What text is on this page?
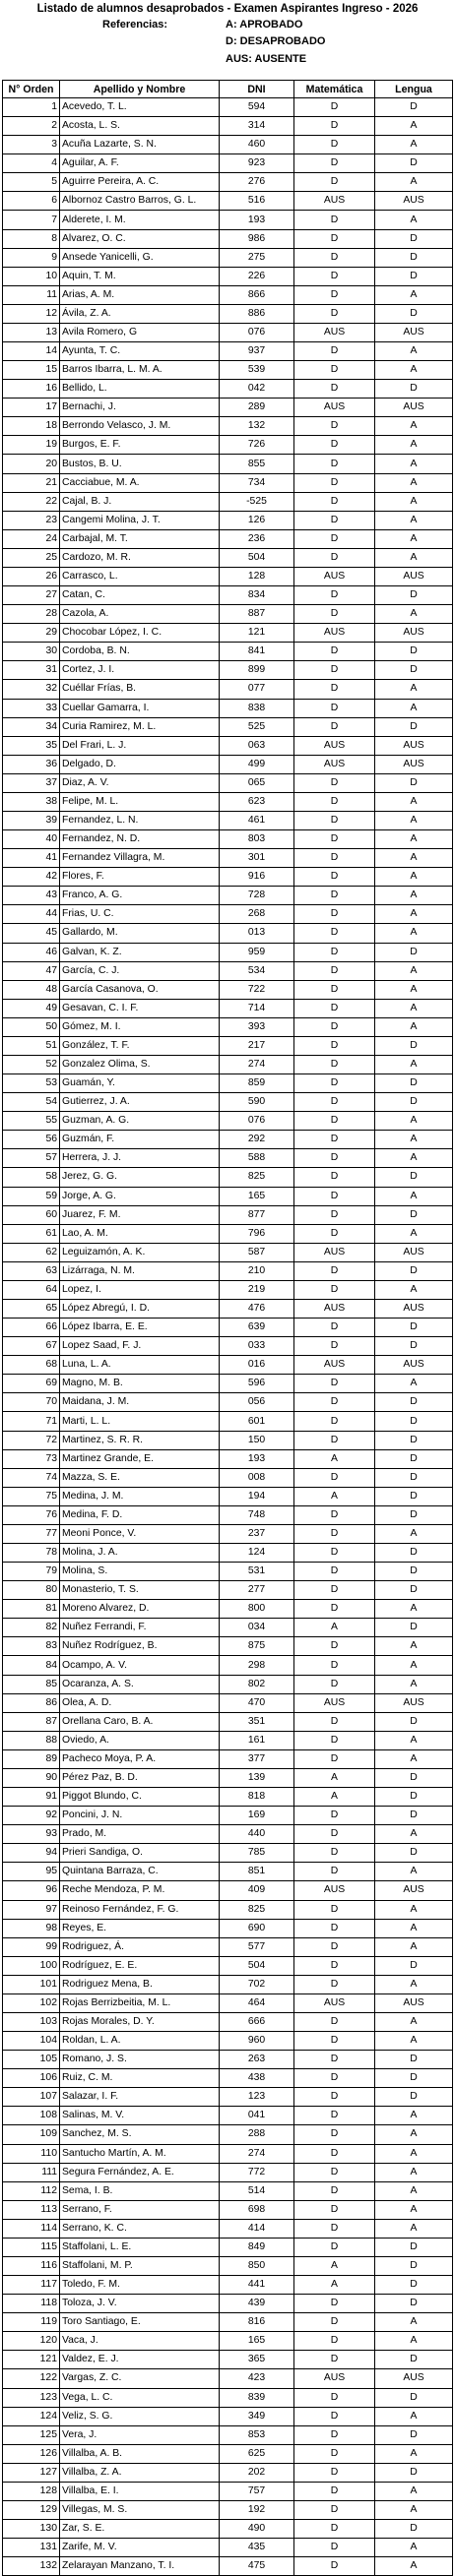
Listado de alumnos desaprobados - Examen Aspirantes Ingreso - 2026
Referencias:	A: APROBADO
D: DESAPROBADO
AUS: AUSENTE
N° Orden	Apellido y Nombre	DNI	Matemática	Lengua
1	Acevedo, T. L.	594	D	D
2	Acosta, L. S.	314	D	A
3	Acuña Lazarte, S. N.	460	D	A
4	Aguilar, A. F.	923	D	D
5	Aguirre Pereira, A. C.	276	D	A
6	Albornoz Castro Barros, G. L.	516	AUS	AUS
7	Alderete, I. M.	193	D	A
8	Alvarez, O. C.	986	D	D
9	Ansede Yanicelli, G.	275	D	D
10	Aquin, T. M.	226	D	D
11	Arias, A. M.	866	D	A
12	Ávila, Z. A.	886	D	D
13	Avila Romero, G	076	AUS	AUS
14	Ayunta, T. C.	937	D	A
15	Barros Ibarra, L. M. A.	539	D	A
16	Bellido, L.	042	D	D
17	Bernachi, J.	289	AUS	AUS
18	Berrondo Velasco, J. M.	132	D	A
19	Burgos, E. F.	726	D	A
20	Bustos, B. U.	855	D	A
21	Cacciabue, M. A.	734	D	A
22	Cajal, B. J.	-525	D	A
23	Cangemi Molina, J. T.	126	D	A
24	Carbajal, M. T.	236	D	A
25	Cardozo, M. R.	504	D	A
26	Carrasco, L.	128	AUS	AUS
27	Catan, C.	834	D	D
28	Cazola, A.	887	D	A
29	Chocobar López, I. C.	121	AUS	AUS
30	Cordoba, B. N.	841	D	D
31	Cortez, J. I.	899	D	D
32	Cuéllar Frías, B.	077	D	A
33	Cuellar Gamarra, I.	838	D	A
34	Curia Ramirez, M. L.	525	D	D
35	Del Frari, L. J.	063	AUS	AUS
36	Delgado, D.	499	AUS	AUS
37	Diaz, A. V.	065	D	D
38	Felipe, M. L.	623	D	A
39	Fernandez, L. N.	461	D	A
40	Fernandez, N. D.	803	D	A
41	Fernandez Villagra, M.	301	D	A
42	Flores, F.	916	D	A
43	Franco, A. G.	728	D	A
44	Frias, U. C.	268	D	A
45	Gallardo, M.	013	D	A
46	Galvan, K. Z.	959	D	D
47	García, C. J.	534	D	A
48	García Casanova, O.	722	D	A
49	Gesavan, C. I. F.	714	D	A
50	Gómez, M. I.	393	D	A
51	González, T. F.	217	D	D
52	Gonzalez Olima, S.	274	D	A
53	Guamán, Y.	859	D	D
54	Gutierrez, J. A.	590	D	D
55	Guzman, A. G.	076	D	A
56	Guzmán, F.	292	D	A
57	Herrera, J. J.	588	D	A
58	Jerez, G. G.	825	D	D
59	Jorge, A. G.	165	D	A
60	Juarez, F. M.	877	D	D
61	Lao, A. M.	796	D	A
62	Leguizamón, A. K.	587	AUS	AUS
63	Lizárraga, N. M.	210	D	D
64	Lopez, I.	219	D	A
65	López Abregú, I. D.	476	AUS	AUS
66	López Ibarra, E. E.	639	D	D
67	Lopez Saad, F. J.	033	D	D
68	Luna, L. A.	016	AUS	AUS
69	Magno, M. B.	596	D	A
70	Maidana, J. M.	056	D	D
71	Marti, L. L.	601	D	D
72	Martinez, S. R. R.	150	D	D
73	Martinez Grande, E.	193	A	D
74	Mazza, S. E.	008	D	D
75	Medina, J. M.	194	A	D
76	Medina, F. D.	748	D	D
77	Meoni Ponce, V.	237	D	A
78	Molina, J. A.	124	D	D
79	Molina, S.	531	D	D
80	Monasterio, T. S.	277	D	D
81	Moreno Alvarez, D.	800	D	A
82	Nuñez Ferrandi, F.	034	A	D
83	Nuñez Rodríguez, B.	875	D	A
84	Ocampo, A. V.	298	D	A
85	Ocaranza, A. S.	802	D	A
86	Olea, A. D.	470	AUS	AUS
87	Orellana Caro, B. A.	351	D	D
88	Oviedo, A.	161	D	A
89	Pacheco Moya, P. A.	377	D	A
90	Pérez Paz, B. D.	139	A	D
91	Piggot Blundo, C.	818	A	D
92	Poncini, J. N.	169	D	D
93	Prado, M.	440	D	A
94	Prieri Sandiga, O.	785	D	D
95	Quintana Barraza, C.	851	D	A
96	Reche Mendoza, P. M.	409	AUS	AUS
97	Reinoso Fernández, F. G.	825	D	A
98	Reyes, E.	690	D	A
99	Rodriguez, Á.	577	D	A
100	Rodríguez, E. E.	504	D	D
101	Rodriguez Mena, B.	702	D	A
102	Rojas Berrizbeitia, M. L.	464	AUS	AUS
103	Rojas Morales, D. Y.	666	D	A
104	Roldan, L. A.	960	D	A
105	Romano, J. S.	263	D	D
106	Ruiz, C. M.	438	D	D
107	Salazar, I. F.	123	D	D
108	Salinas, M. V.	041	D	A
109	Sanchez, M. S.	288	D	A
110	Santucho Martín, A. M.	274	D	A
111	Segura Fernández, A. E.	772	D	A
112	Sema, I. B.	514	D	A
113	Serrano, F.	698	D	A
114	Serrano, K. C.	414	D	A
115	Staffolani, L. E.	849	D	D
116	Staffolani, M. P.	850	A	D
117	Toledo, F. M.	441	A	D
118	Toloza, J. V.	439	D	D
119	Toro Santiago, E.	816	D	A
120	Vaca, J.	165	D	A
121	Valdez, E. J.	365	D	D
122	Vargas, Z. C.	423	AUS	AUS
123	Vega, L. C.	839	D	D
124	Veliz, S. G.	349	D	A
125	Vera, J.	853	D	D
126	Villalba, A. B.	625	D	A
127	Villalba, Z. A.	202	D	D
128	Villalba, E. I.	757	D	A
129	Villegas, M. S.	192	D	A
130	Zar, S. E.	490	D	D
131	Zarife, M. V.	435	D	A
132	Zelarayan Manzano, T. I.	475	D	A
